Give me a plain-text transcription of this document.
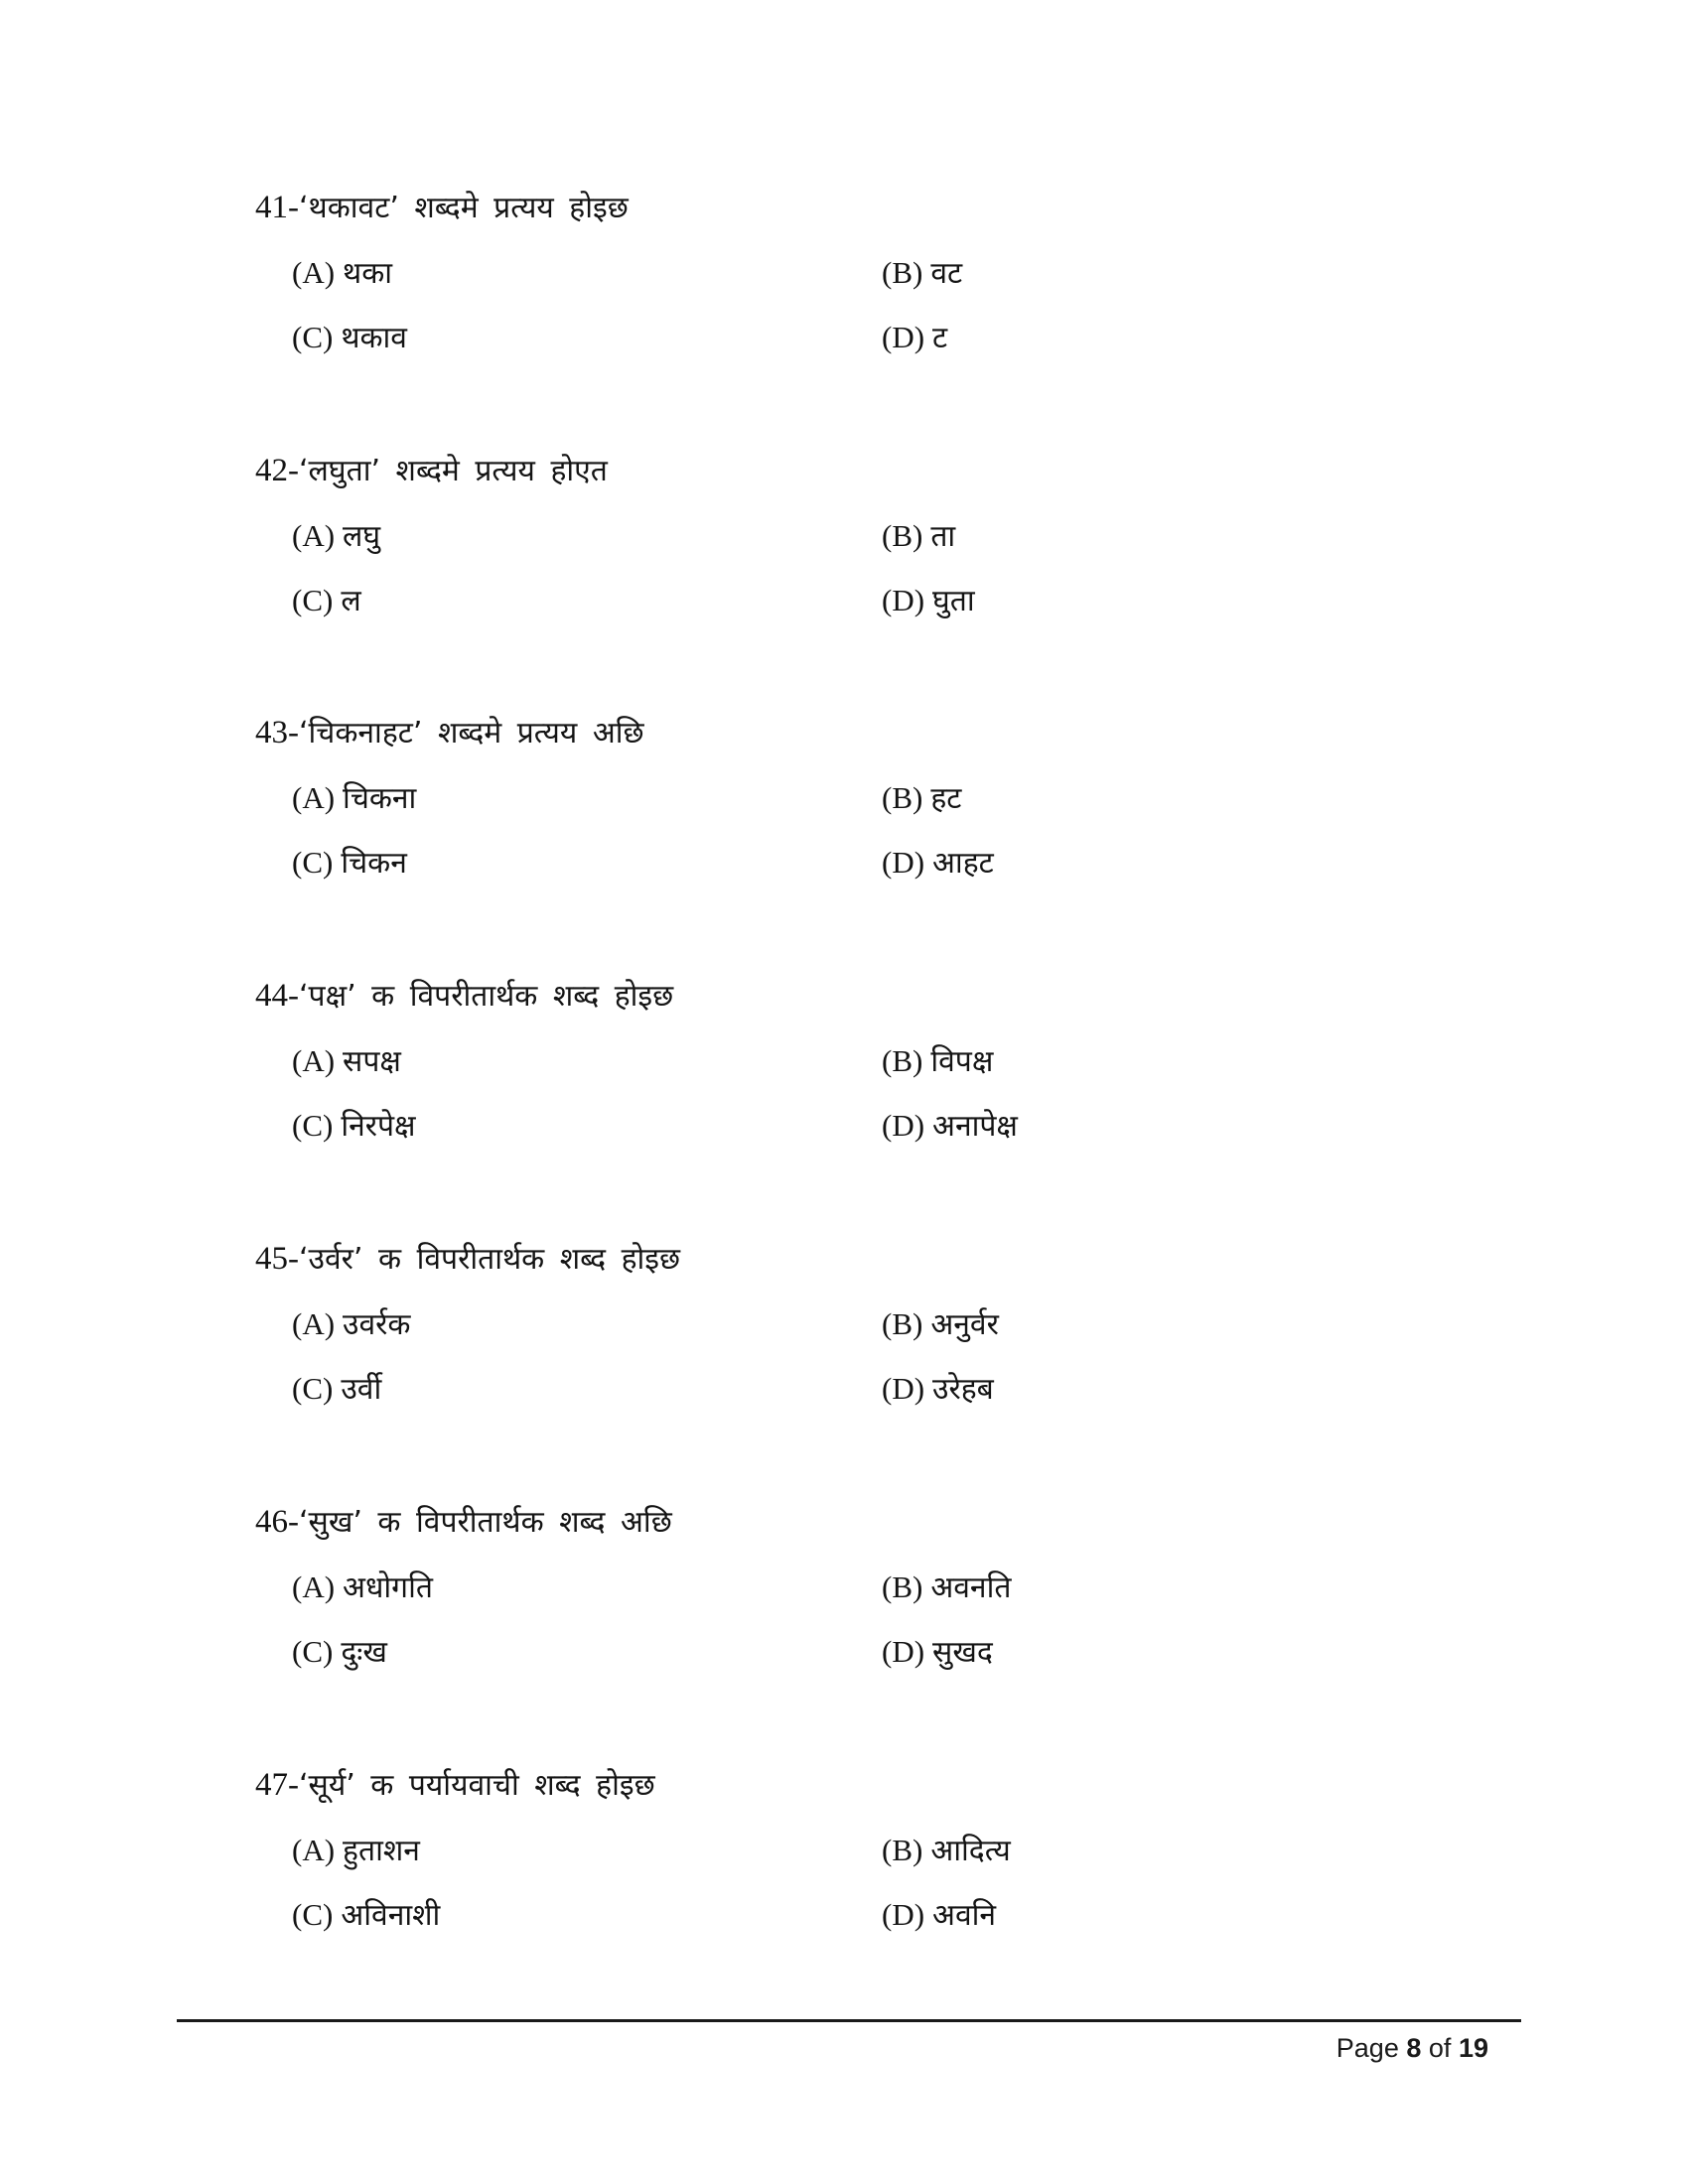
41-‘थकावट’ शब्दमे प्रत्यय होइछ
(A) थका	(B) वट
(C) थकाव	(D) ट
42-‘लघुता’ शब्दमे प्रत्यय होएत
(A) लघु	(B) ता
(C) ल	(D) घुता
43-‘चिकनाहट’ शब्दमे प्रत्यय अछि
(A) चिकना	(B) हट
(C) चिकन	(D) आहट
44-‘पक्ष’ क विपरीतार्थक शब्द होइछ
(A) सपक्ष	(B) विपक्ष
(C) निरपेक्ष	(D) अनापेक्ष
45-‘उर्वर’ क विपरीतार्थक शब्द होइछ
(A) उवर्रक	(B) अनुर्वर
(C) उर्वी	(D) उरेहब
46-‘सुख’ क विपरीतार्थक शब्द अछि
(A) अधोगति	(B) अवनति
(C) दुःख	(D) सुखद
47-‘सूर्य’ क पर्यायवाची शब्द होइछ
(A) हुताशन	(B) आदित्य
(C) अविनाशी	(D) अवनि
Page 8 of 19
